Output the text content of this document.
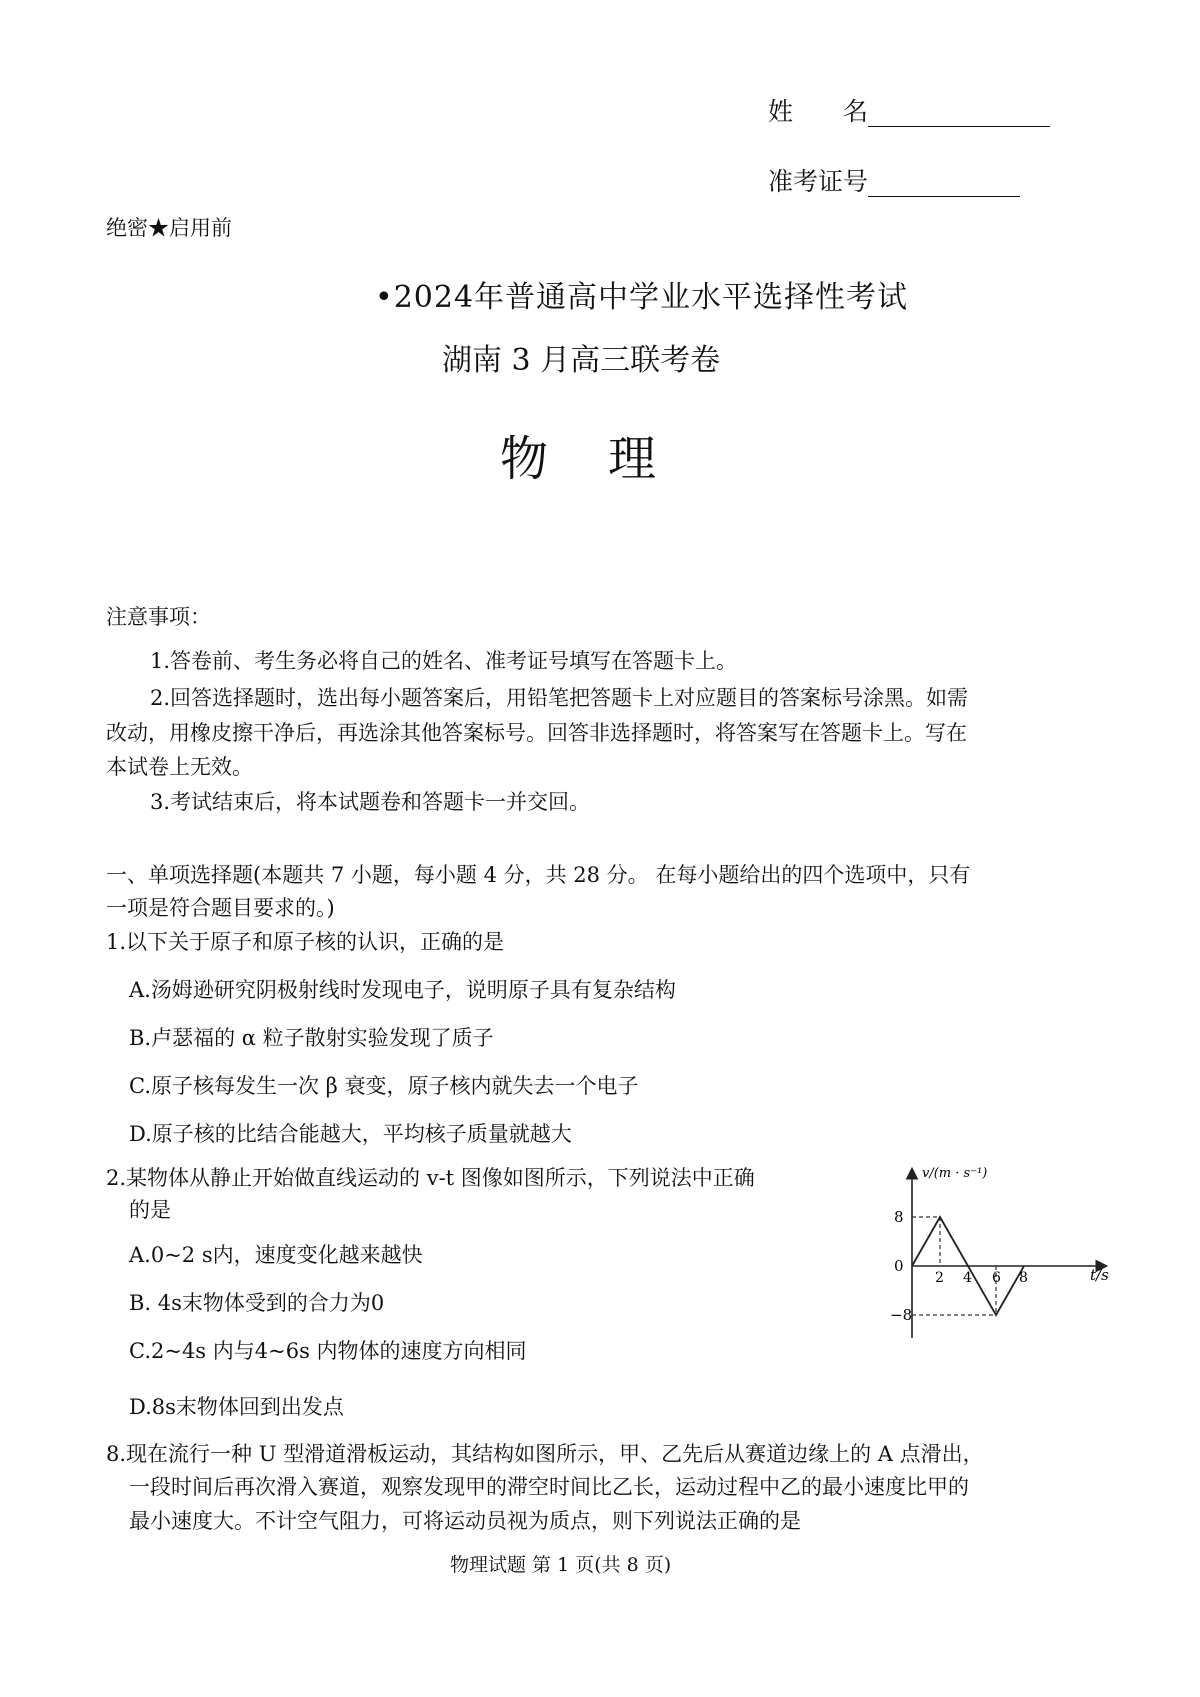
姓　　名
准考证号
绝密★启用前
•2024年普通高中学业水平选择性考试
湖南 3 月高三联考卷
物理
注意事项：
1.答卷前、考生务必将自己的姓名、准考证号填写在答题卡上。
2.回答选择题时，选出每小题答案后，用铅笔把答题卡上对应题目的答案标号涂黑。如需
改动，用橡皮擦干净后，再选涂其他答案标号。回答非选择题时，将答案写在答题卡上。写在
本试卷上无效。
3.考试结束后，将本试题卷和答题卡一并交回。
一、单项选择题(本题共 7 小题，每小题 4 分，共 28 分。 在每小题给出的四个选项中，只有
一项是符合题目要求的。)
1.以下关于原子和原子核的认识，正确的是
A.汤姆逊研究阴极射线时发现电子，说明原子具有复杂结构
B.卢瑟福的 α 粒子散射实验发现了质子
C.原子核每发生一次 β 衰变，原子核内就失去一个电子
D.原子核的比结合能越大，平均核子质量就越大
2.某物体从静止开始做直线运动的 v-t 图像如图所示，下列说法中正确
的是
A.0~2 s内，速度变化越来越快
B. 4s末物体受到的合力为0
C.2~4s 内与4~6s 内物体的速度方向相同
D.8s末物体回到出发点
v/(m · s⁻¹)
t/s
8
0
−8
2 4 6 8
8.现在流行一种 U 型滑道滑板运动，其结构如图所示，甲、乙先后从赛道边缘上的 A 点滑出，
一段时间后再次滑入赛道，观察发现甲的滞空时间比乙长，运动过程中乙的最小速度比甲的
最小速度大。不计空气阻力，可将运动员视为质点，则下列说法正确的是
物理试题 第 1 页(共 8 页)
